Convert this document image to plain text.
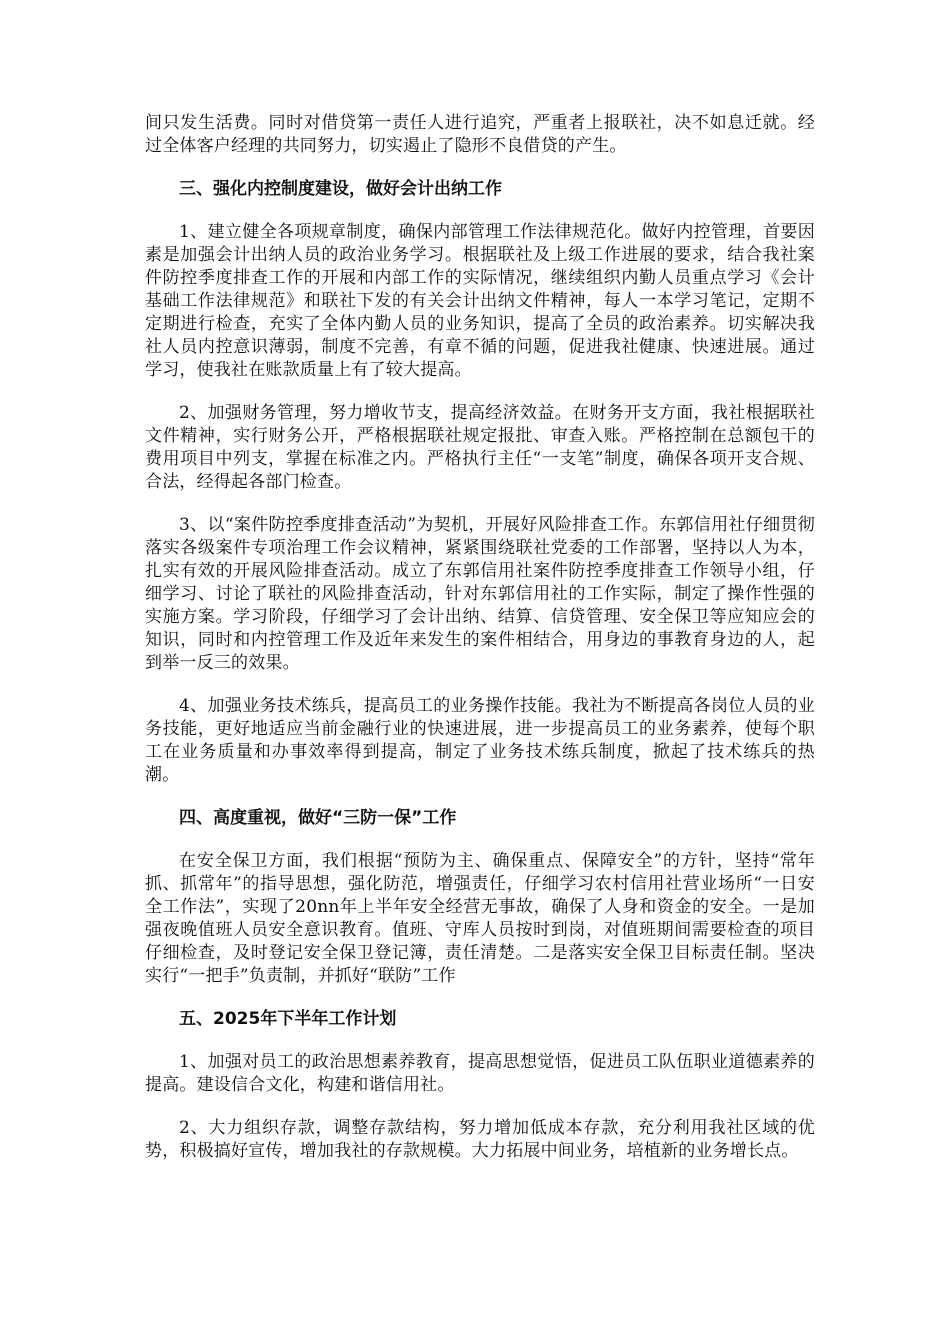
间只发生活费。同时对借贷第一责任人进行追究，严重者上报联社，决不如息迁就。经过全体客户经理的共同努力，切实遏止了隐形不良借贷的产生。

三、强化内控制度建设，做好会计出纳工作

1、建立健全各项规章制度，确保内部管理工作法律规范化。做好内控管理，首要因素是加强会计出纳人员的政治业务学习。根据联社及上级工作进展的要求，结合我社案件防控季度排查工作的开展和内部工作的实际情况，继续组织内勤人员重点学习《会计基础工作法律规范》和联社下发的有关会计出纳文件精神，每人一本学习笔记，定期不定期进行检查，充实了全体内勤人员的业务知识，提高了全员的政治素养。切实解决我社人员内控意识薄弱，制度不完善，有章不循的问题，促进我社健康、快速进展。通过学习，使我社在账款质量上有了较大提高。

2、加强财务管理，努力增收节支，提高经济效益。在财务开支方面，我社根据联社文件精神，实行财务公开，严格根据联社规定报批、审查入账。严格控制在总额包干的费用项目中列支，掌握在标准之内。严格执行主任“一支笔”制度，确保各项开支合规、合法，经得起各部门检查。

3、以“案件防控季度排查活动”为契机，开展好风险排查工作。东郭信用社仔细贯彻落实各级案件专项治理工作会议精神，紧紧围绕联社党委的工作部署，坚持以人为本，扎实有效的开展风险排查活动。成立了东郭信用社案件防控季度排查工作领导小组，仔细学习、讨论了联社的风险排查活动，针对东郭信用社的工作实际，制定了操作性强的实施方案。学习阶段，仔细学习了会计出纳、结算、信贷管理、安全保卫等应知应会的知识，同时和内控管理工作及近年来发生的案件相结合，用身边的事教育身边的人，起到举一反三的效果。

4、加强业务技术练兵，提高员工的业务操作技能。我社为不断提高各岗位人员的业务技能，更好地适应当前金融行业的快速进展，进一步提高员工的业务素养，使每个职工在业务质量和办事效率得到提高，制定了业务技术练兵制度，掀起了技术练兵的热潮。

四、高度重视，做好“三防一保”工作

在安全保卫方面，我们根据“预防为主、确保重点、保障安全”的方针，坚持“常年抓、抓常年”的指导思想，强化防范，增强责任，仔细学习农村信用社营业场所“一日安全工作法”，实现了20nn年上半年安全经营无事故，确保了人身和资金的安全。一是加强夜晚值班人员安全意识教育。值班、守库人员按时到岗，对值班期间需要检查的项目仔细检查，及时登记安全保卫登记簿，责任清楚。二是落实安全保卫目标责任制。坚决实行“一把手”负责制，并抓好“联防”工作

五、2025年下半年工作计划

1、加强对员工的政治思想素养教育，提高思想觉悟，促进员工队伍职业道德素养的提高。建设信合文化，构建和谐信用社。

2、大力组织存款，调整存款结构，努力增加低成本存款，充分利用我社区域的优势，积极搞好宣传，增加我社的存款规模。大力拓展中间业务，培植新的业务增长点。
